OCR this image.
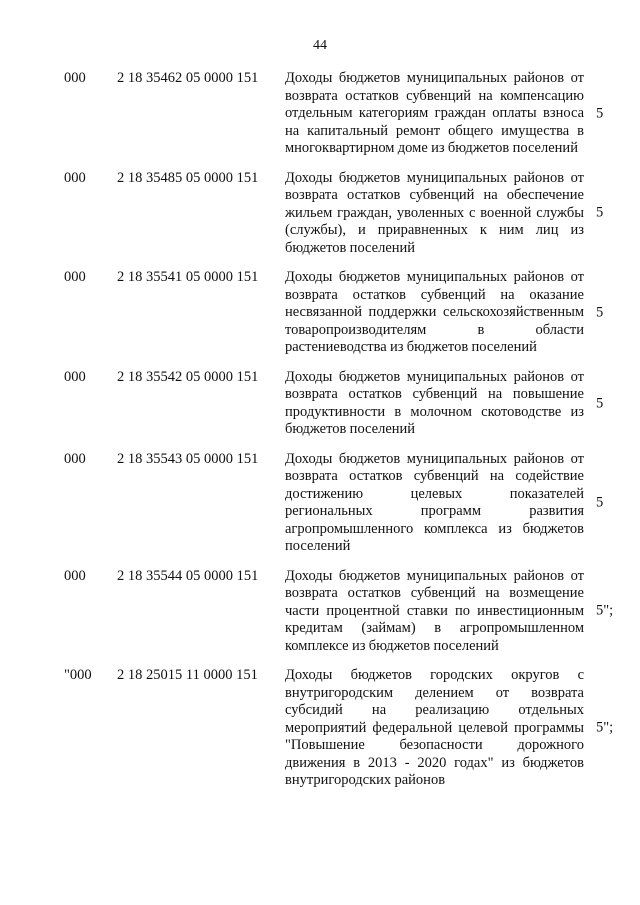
44
000 2 18 35462 05 0000 151 Доходы бюджетов муниципальных районов от возврата остатков субвенций на компенсацию отдельным категориям граждан оплаты взноса на капитальный ремонт общего имущества в многоквартирном доме из бюджетов поселений
5
000 2 18 35485 05 0000 151 Доходы бюджетов муниципальных районов от возврата остатков субвенций на обеспечение жильем граждан, уволенных с военной службы (службы), и приравненных к ним лиц из бюджетов поселений
5
000 2 18 35541 05 0000 151 Доходы бюджетов муниципальных районов от возврата остатков субвенций на оказание несвязанной поддержки сельскохозяйственным товаропроизводителям в области растениеводства из бюджетов поселений
5
000 2 18 35542 05 0000 151 Доходы бюджетов муниципальных районов от возврата остатков субвенций на повышение продуктивности в молочном скотоводстве из бюджетов поселений
5
000 2 18 35543 05 0000 151 Доходы бюджетов муниципальных районов от возврата остатков субвенций на содействие достижению целевых показателей региональных программ развития агропромышленного комплекса из бюджетов поселений
5
000 2 18 35544 05 0000 151 Доходы бюджетов муниципальных районов от возврата остатков субвенций на возмещение части процентной ставки по инвестиционным кредитам (займам) в агропромышленном комплексе из бюджетов поселений
5";
"000 2 18 25015 11 0000 151 Доходы бюджетов городских округов с внутригородским делением от возврата субсидий на реализацию отдельных мероприятий федеральной целевой программы "Повышение безопасности дорожного движения в 2013 - 2020 годах" из бюджетов внутригородских районов
5";
